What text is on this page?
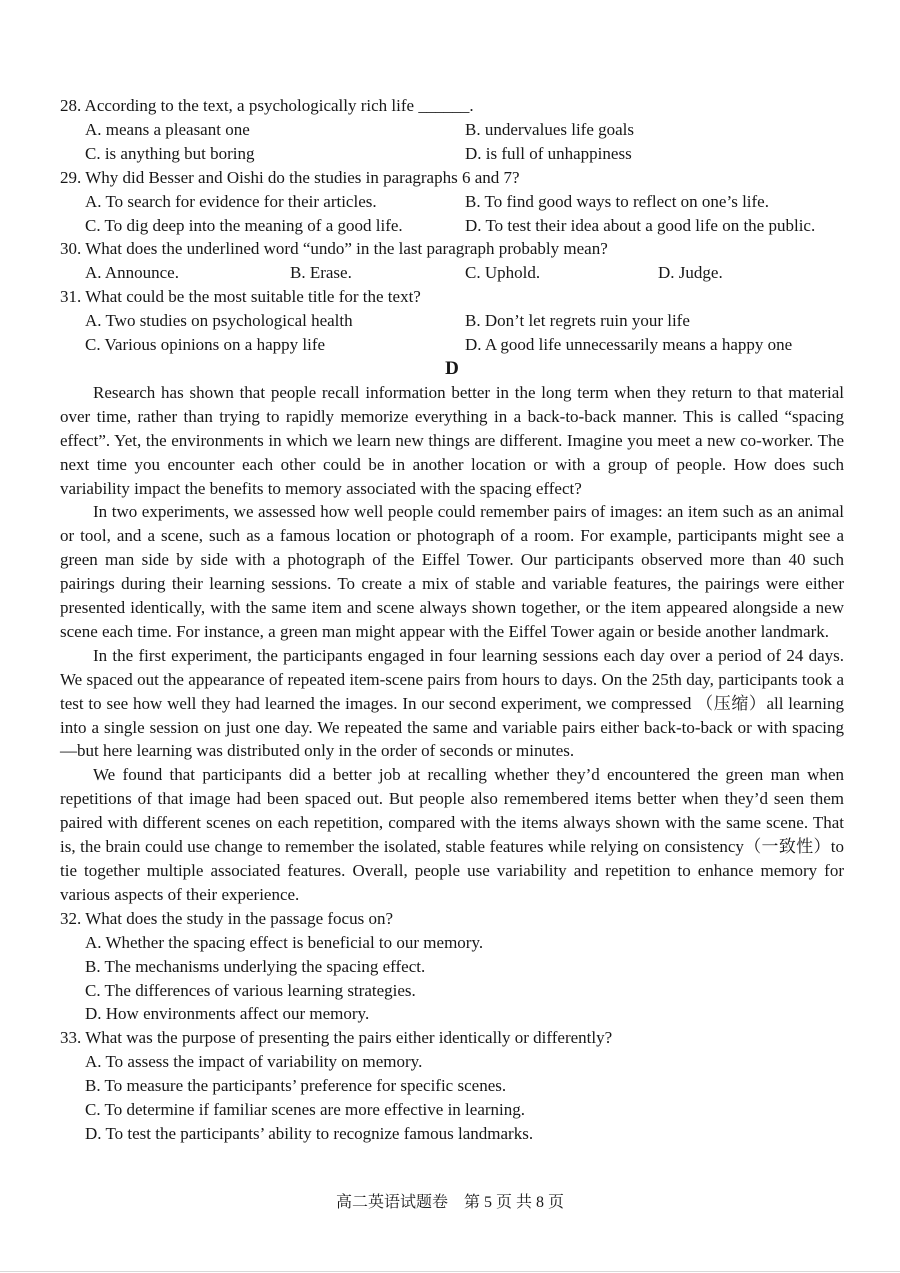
28. According to the text, a psychologically rich life ______.
A. means a pleasant one	B. undervalues life goals
C. is anything but boring	D. is full of unhappiness
29. Why did Besser and Oishi do the studies in paragraphs 6 and 7?
A. To search for evidence for their articles.	B. To find good ways to reflect on one’s life.
C. To dig deep into the meaning of a good life.	D. To test their idea about a good life on the public.
30. What does the underlined word “undo” in the last paragraph probably mean?
A. Announce.	B. Erase.	C. Uphold.	D. Judge.
31. What could be the most suitable title for the text?
A. Two studies on psychological health	B. Don’t let regrets ruin your life
C. Various opinions on a happy life	D. A good life unnecessarily means a happy one
D
Research has shown that people recall information better in the long term when they return to that material over time, rather than trying to rapidly memorize everything in a back-to-back manner. This is called “spacing effect”. Yet, the environments in which we learn new things are different. Imagine you meet a new co-worker. The next time you encounter each other could be in another location or with a group of people. How does such variability impact the benefits to memory associated with the spacing effect?
In two experiments, we assessed how well people could remember pairs of images: an item such as an animal or tool, and a scene, such as a famous location or photograph of a room. For example, participants might see a green man side by side with a photograph of the Eiffel Tower. Our participants observed more than 40 such pairings during their learning sessions. To create a mix of stable and variable features, the pairings were either presented identically, with the same item and scene always shown together, or the item appeared alongside a new scene each time. For instance, a green man might appear with the Eiffel Tower again or beside another landmark.
In the first experiment, the participants engaged in four learning sessions each day over a period of 24 days. We spaced out the appearance of repeated item-scene pairs from hours to days. On the 25th day, participants took a test to see how well they had learned the images. In our second experiment, we compressed （压缩）all learning into a single session on just one day. We repeated the same and variable pairs either back-to-back or with spacing —but here learning was distributed only in the order of seconds or minutes.
We found that participants did a better job at recalling whether they’d encountered the green man when repetitions of that image had been spaced out. But people also remembered items better when they’d seen them paired with different scenes on each repetition, compared with the items always shown with the same scene. That is, the brain could use change to remember the isolated, stable features while relying on consistency（一致性）to tie together multiple associated features. Overall, people use variability and repetition to enhance memory for various aspects of their experience.
32. What does the study in the passage focus on?
A. Whether the spacing effect is beneficial to our memory.
B. The mechanisms underlying the spacing effect.
C. The differences of various learning strategies.
D. How environments affect our memory.
33. What was the purpose of presenting the pairs either identically or differently?
A. To assess the impact of variability on memory.
B. To measure the participants’ preference for specific scenes.
C. To determine if familiar scenes are more effective in learning.
D. To test the participants’ ability to recognize famous landmarks.
高二英语试题卷　第 5 页 共 8 页
